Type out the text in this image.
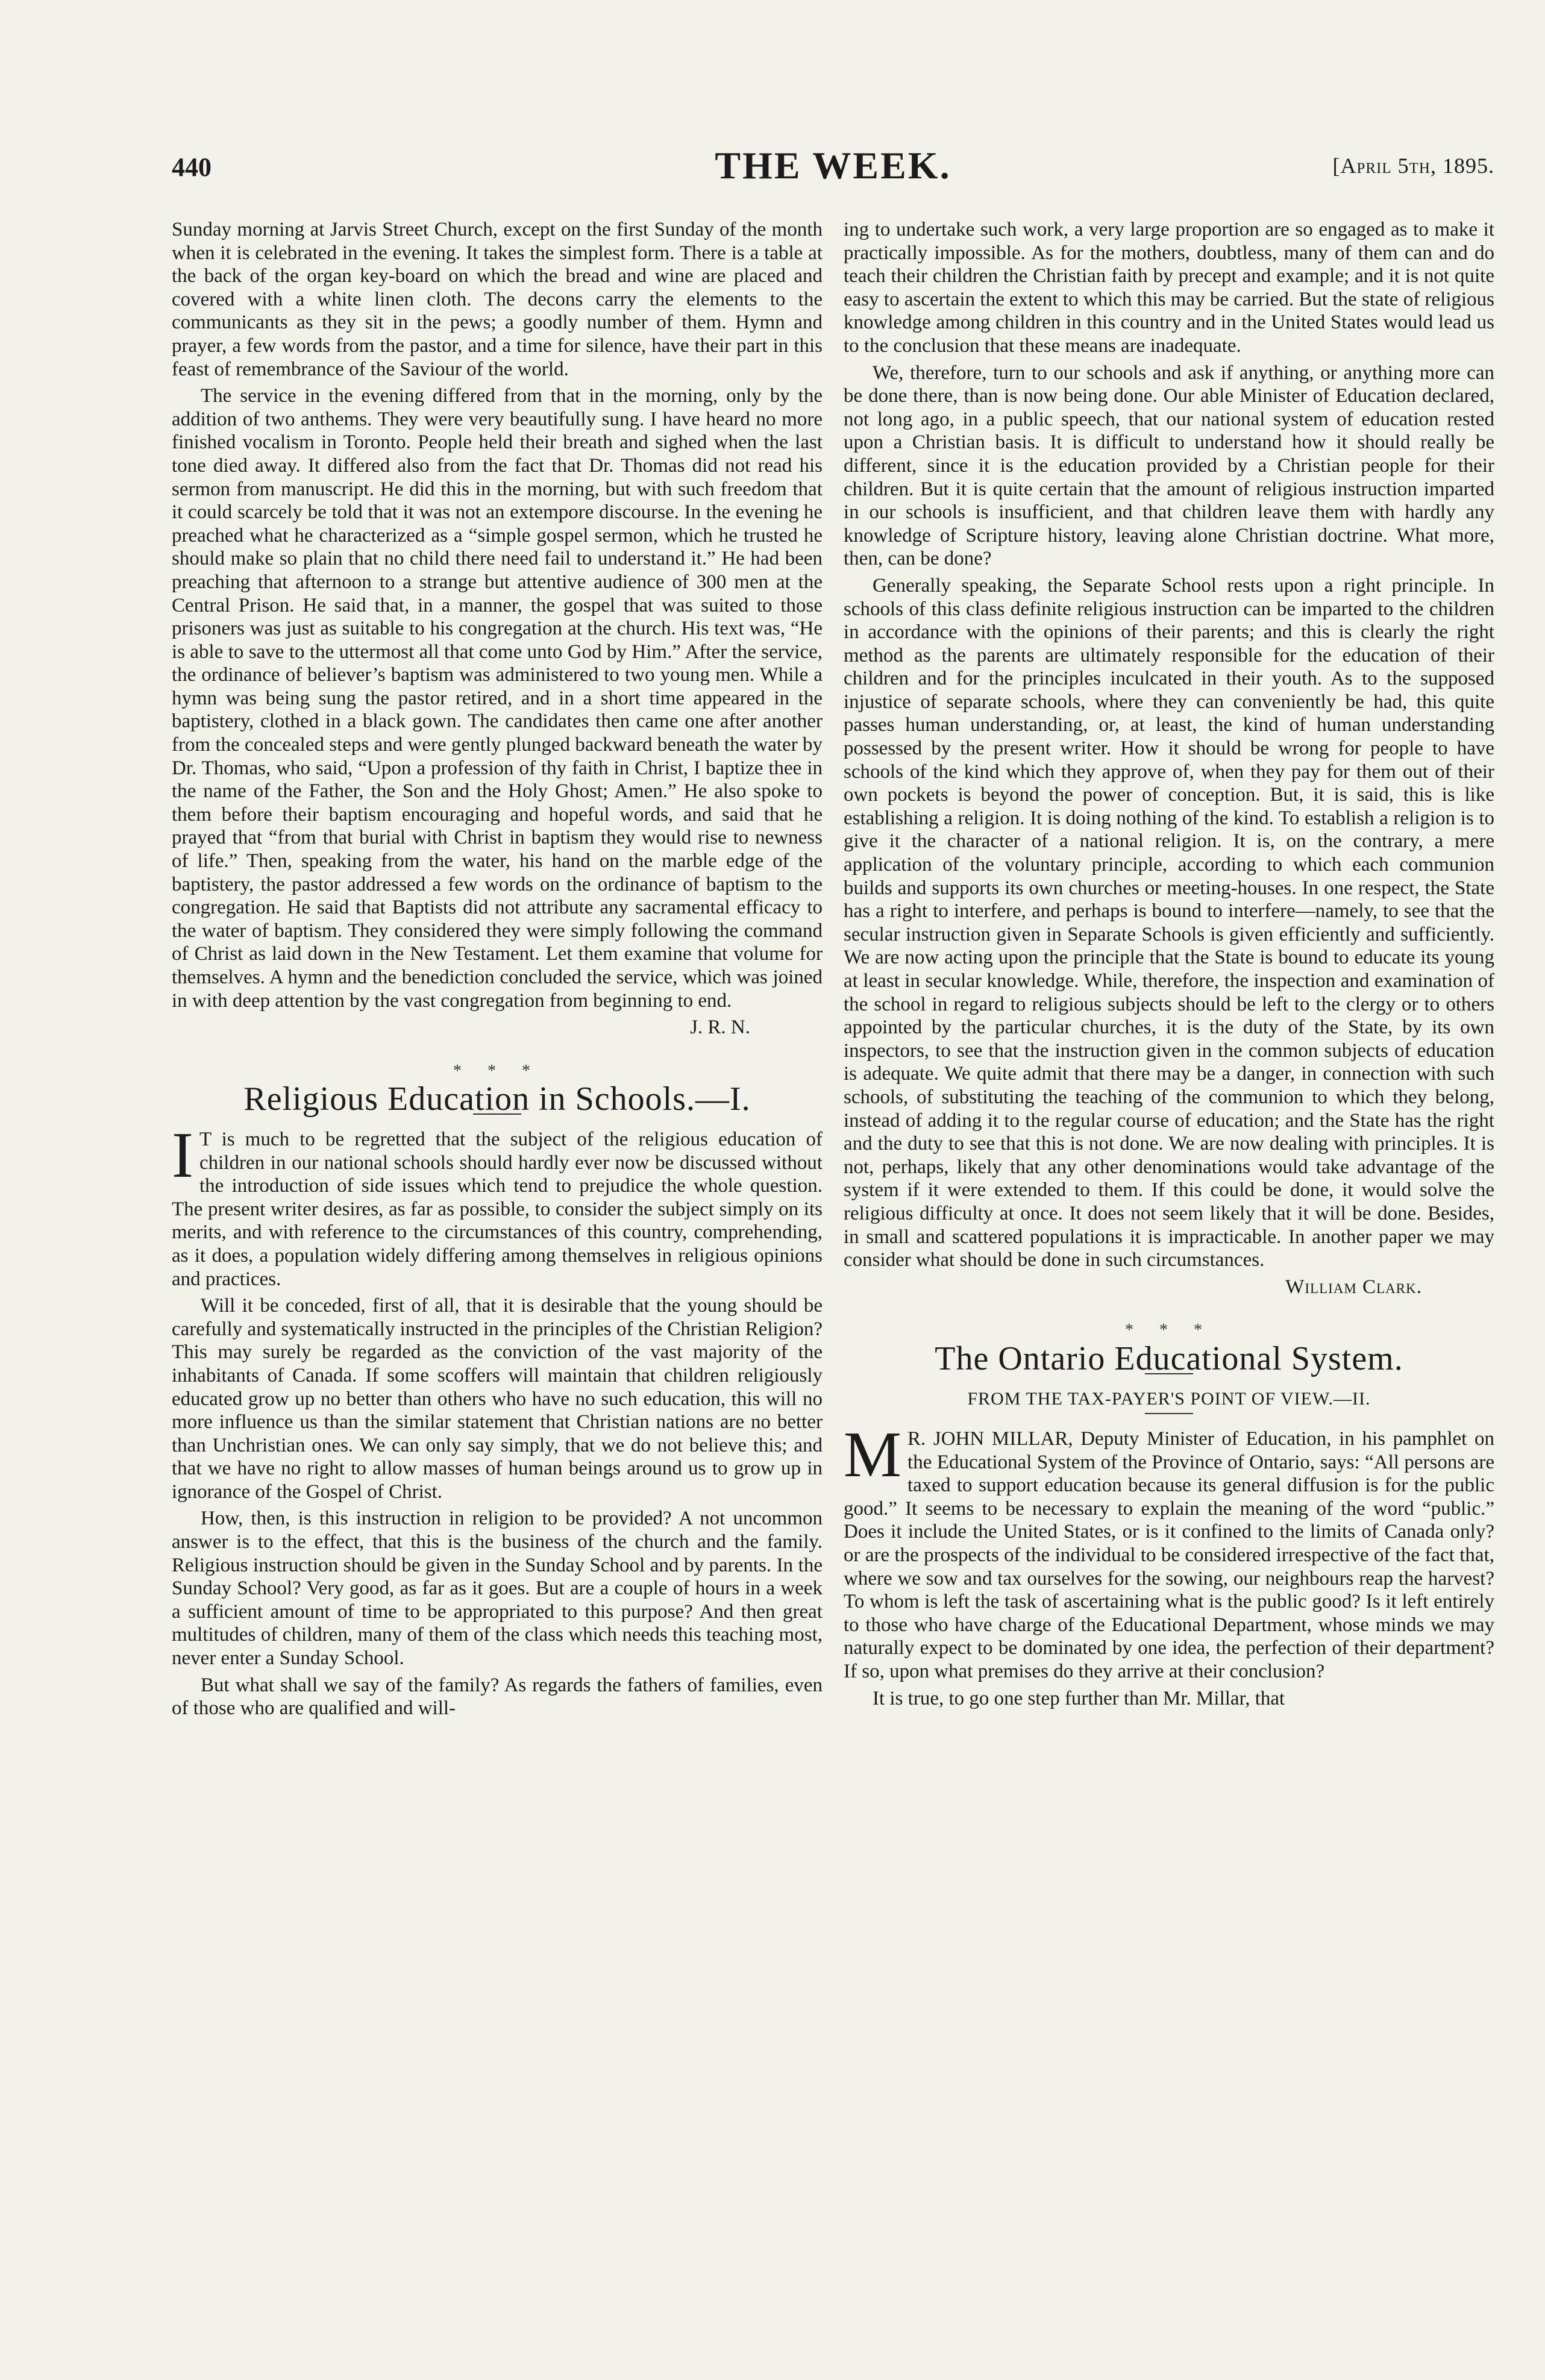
440	THE WEEK.	[April 5th, 1895.

Sunday morning at Jarvis Street Church, except on the first Sunday of the month when it is celebrated in the evening. It takes the simplest form. There is a table at the back of the organ key-board on which the bread and wine are placed and covered with a white linen cloth. The decons carry the elements to the communicants as they sit in the pews; a goodly number of them. Hymn and prayer, a few words from the pastor, and a time for silence, have their part in this feast of remembrance of the Saviour of the world.

The service in the evening differed from that in the morning, only by the addition of two anthems. They were very beautifully sung. I have heard no more finished vocalism in Toronto. People held their breath and sighed when the last tone died away. It differed also from the fact that Dr. Thomas did not read his sermon from manuscript. He did this in the morning, but with such freedom that it could scarcely be told that it was not an extempore discourse. In the evening he preached what he characterized as a “simple gospel sermon, which he trusted he should make so plain that no child there need fail to understand it.” He had been preaching that afternoon to a strange but attentive audience of 300 men at the Central Prison. He said that, in a manner, the gospel that was suited to those prisoners was just as suitable to his congregation at the church. His text was, “He is able to save to the uttermost all that come unto God by Him.” After the service, the ordinance of believer’s baptism was administered to two young men. While a hymn was being sung the pastor retired, and in a short time appeared in the baptistery, clothed in a black gown. The candidates then came one after another from the concealed steps and were gently plunged backward beneath the water by Dr. Thomas, who said, “Upon a profession of thy faith in Christ, I baptize thee in the name of the Father, the Son and the Holy Ghost; Amen.” He also spoke to them before their baptism encouraging and hopeful words, and said that he prayed that “from that burial with Christ in baptism they would rise to newness of life.” Then, speaking from the water, his hand on the marble edge of the baptistery, the pastor addressed a few words on the ordinance of baptism to the congregation. He said that Baptists did not attribute any sacramental efficacy to the water of baptism. They considered they were simply following the command of Christ as laid down in the New Testament. Let them examine that volume for themselves. A hymn and the benediction concluded the service, which was joined in with deep attention by the vast congregation from beginning to end.

J. R. N.
* * *
Religious Education in Schools.—I.

I T is much to be regretted that the subject of the religious education of children in our national schools should hardly ever now be discussed without the introduction of side issues which tend to prejudice the whole question. The present writer desires, as far as possible, to consider the subject simply on its merits, and with reference to the circumstances of this country, comprehending, as it does, a population widely differing among themselves in religious opinions and practices.

Will it be conceded, first of all, that it is desirable that the young should be carefully and systematically instructed in the principles of the Christian Religion? This may surely be regarded as the conviction of the vast majority of the inhabitants of Canada. If some scoffers will maintain that children religiously educated grow up no better than others who have no such education, this will no more influence us than the similar statement that Christian nations are no better than Unchristian ones. We can only say simply, that we do not believe this; and that we have no right to allow masses of human beings around us to grow up in ignorance of the Gospel of Christ.

How, then, is this instruction in religion to be provided? A not uncommon answer is to the effect, that this is the business of the church and the family. Religious instruction should be given in the Sunday School and by parents. In the Sunday School? Very good, as far as it goes. But are a couple of hours in a week a sufficient amount of time to be appropriated to this purpose? And then great multitudes of children, many of them of the class which needs this teaching most, never enter a Sunday School.

But what shall we say of the family? As regards the fathers of families, even of those who are qualified and will-

ing to undertake such work, a very large proportion are so engaged as to make it practically impossible. As for the mothers, doubtless, many of them can and do teach their children the Christian faith by precept and example; and it is not quite easy to ascertain the extent to which this may be carried. But the state of religious knowledge among children in this country and in the United States would lead us to the conclusion that these means are inadequate.

We, therefore, turn to our schools and ask if anything, or anything more can be done there, than is now being done. Our able Minister of Education declared, not long ago, in a public speech, that our national system of education rested upon a Christian basis. It is difficult to understand how it should really be different, since it is the education provided by a Christian people for their children. But it is quite certain that the amount of religious instruction imparted in our schools is insufficient, and that children leave them with hardly any knowledge of Scripture history, leaving alone Christian doctrine. What more, then, can be done?

Generally speaking, the Separate School rests upon a right principle. In schools of this class definite religious instruction can be imparted to the children in accordance with the opinions of their parents; and this is clearly the right method as the parents are ultimately responsible for the education of their children and for the principles inculcated in their youth. As to the supposed injustice of separate schools, where they can conveniently be had, this quite passes human understanding, or, at least, the kind of human understanding possessed by the present writer. How it should be wrong for people to have schools of the kind which they approve of, when they pay for them out of their own pockets is beyond the power of conception. But, it is said, this is like establishing a religion. It is doing nothing of the kind. To establish a religion is to give it the character of a national religion. It is, on the contrary, a mere application of the voluntary principle, according to which each communion builds and supports its own churches or meeting-houses. In one respect, the State has a right to interfere, and perhaps is bound to interfere—namely, to see that the secular instruction given in Separate Schools is given efficiently and sufficiently. We are now acting upon the principle that the State is bound to educate its young at least in secular knowledge. While, therefore, the inspection and examination of the school in regard to religious subjects should be left to the clergy or to others appointed by the particular churches, it is the duty of the State, by its own inspectors, to see that the instruction given in the common subjects of education is adequate. We quite admit that there may be a danger, in connection with such schools, of substituting the teaching of the communion to which they belong, instead of adding it to the regular course of education; and the State has the right and the duty to see that this is not done. We are now dealing with principles. It is not, perhaps, likely that any other denominations would take advantage of the system if it were extended to them. If this could be done, it would solve the religious difficulty at once. It does not seem likely that it will be done. Besides, in small and scattered populations it is impracticable. In another paper we may consider what should be done in such circumstances.

William Clark.
* * *
The Ontario Educational System.
FROM THE TAX-PAYER'S POINT OF VIEW.—II.

M R. JOHN MILLAR, Deputy Minister of Education, in his pamphlet on the Educational System of the Province of Ontario, says: “All persons are taxed to support education because its general diffusion is for the public good.” It seems to be necessary to explain the meaning of the word “public.” Does it include the United States, or is it confined to the limits of Canada only? or are the prospects of the individual to be considered irrespective of the fact that, where we sow and tax ourselves for the sowing, our neighbours reap the harvest? To whom is left the task of ascertaining what is the public good? Is it left entirely to those who have charge of the Educational Department, whose minds we may naturally expect to be dominated by one idea, the perfection of their department? If so, upon what premises do they arrive at their conclusion?

It is true, to go one step further than Mr. Millar, that
